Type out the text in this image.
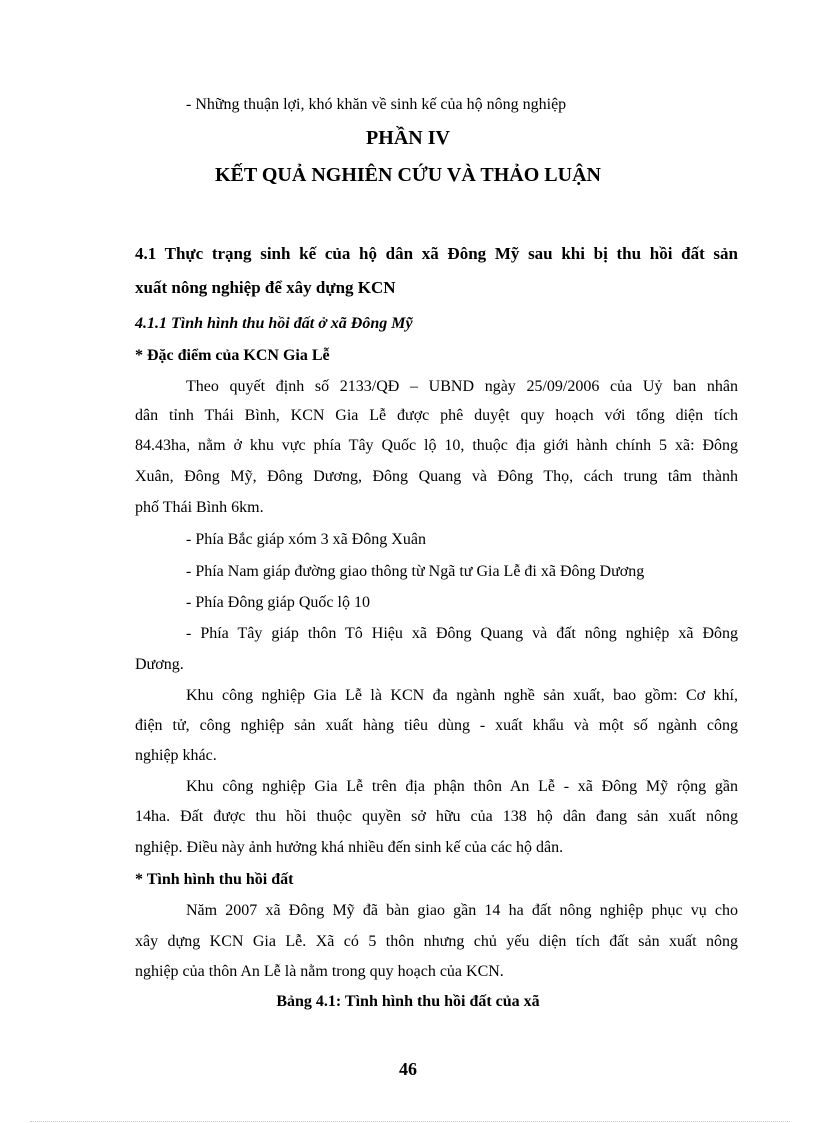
- Những thuận lợi, khó khăn về sinh kế của hộ nông nghiệp
PHẦN IV
KẾT QUẢ NGHIÊN CỨU VÀ THẢO LUẬN
4.1 Thực trạng sinh kế của hộ dân xã Đông Mỹ sau khi bị thu hồi đất sản
xuất nông nghiệp để xây dựng KCN
4.1.1 Tình hình thu hồi đất ở xã Đông Mỹ
* Đặc điểm của KCN Gia Lễ
Theo quyết định số 2133/QĐ – UBND ngày 25/09/2006 của Uỷ ban nhân
dân tỉnh Thái Bình, KCN Gia Lễ được phê duyệt quy hoạch với tổng diện tích
84.43ha, nằm ở khu vực phía Tây Quốc lộ 10, thuộc địa giới hành chính 5 xã: Đông
Xuân, Đông Mỹ, Đông Dương, Đông Quang và Đông Thọ, cách trung tâm thành
phố Thái Bình 6km.
- Phía Bắc giáp xóm 3 xã Đông Xuân
- Phía Nam giáp đường giao thông từ Ngã tư Gia Lễ đi xã Đông Dương
- Phía Đông giáp Quốc lộ 10
- Phía Tây giáp thôn Tô Hiệu xã Đông Quang và đất nông nghiệp xã Đông
Dương.
Khu công nghiệp Gia Lễ là KCN đa ngành nghề sản xuất, bao gồm: Cơ khí,
điện tử, công nghiệp sản xuất hàng tiêu dùng - xuất khẩu và một số ngành công
nghiệp khác.
Khu công nghiệp Gia Lễ trên địa phận thôn An Lễ - xã Đông Mỹ rộng gần
14ha. Đất được thu hồi thuộc quyền sở hữu của 138 hộ dân đang sản xuất nông
nghiệp. Điều này ảnh hưởng khá nhiều đến sinh kế của các hộ dân.
* Tình hình thu hồi đất
Năm 2007 xã Đông Mỹ đã bàn giao gần 14 ha đất nông nghiệp phục vụ cho
xây dựng KCN Gia Lễ. Xã có 5 thôn nhưng chủ yếu diện tích đất sản xuất nông
nghiệp của thôn An Lễ là nằm trong quy hoạch của KCN.
Bảng 4.1: Tình hình thu hồi đất của xã
46
